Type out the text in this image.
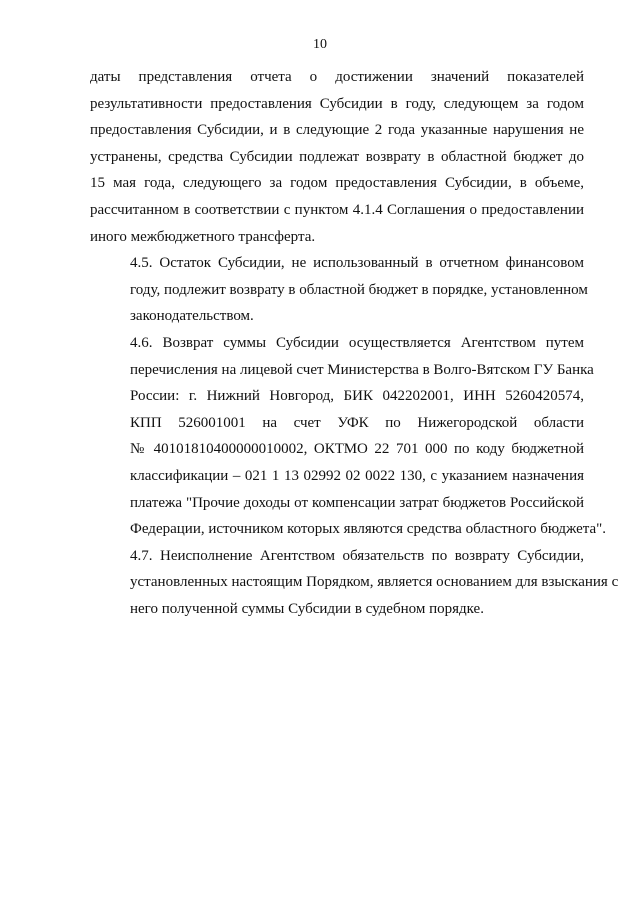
10

даты представления отчета о достижении значений показателей
результативности предоставления Субсидии в году, следующем за годом
предоставления Субсидии, и в следующие 2 года указанные нарушения не
устранены, средства Субсидии подлежат возврату в областной бюджет до
15 мая года, следующего за годом предоставления Субсидии, в объеме,
рассчитанном в соответствии с пунктом 4.1.4 Соглашения о предоставлении
иного межбюджетного трансферта.

4.5. Остаток Субсидии, не использованный в отчетном финансовом
году, подлежит возврату в областной бюджет в порядке, установленном
законодательством.

4.6. Возврат суммы Субсидии осуществляется Агентством путем
перечисления на лицевой счет Министерства в Волго-Вятском ГУ Банка
России: г. Нижний Новгород, БИК 042202001, ИНН 5260420574,
КПП 526001001 на счет УФК по Нижегородской области
№ 40101810400000010002, ОКТМО 22 701 000 по коду бюджетной
классификации – 021 1 13 02992 02 0022 130, с указанием назначения
платежа "Прочие доходы от компенсации затрат бюджетов Российской
Федерации, источником которых являются средства областного бюджета".

4.7. Неисполнение Агентством обязательств по возврату Субсидии,
установленных настоящим Порядком, является основанием для взыскания с
него полученной суммы Субсидии в судебном порядке.
